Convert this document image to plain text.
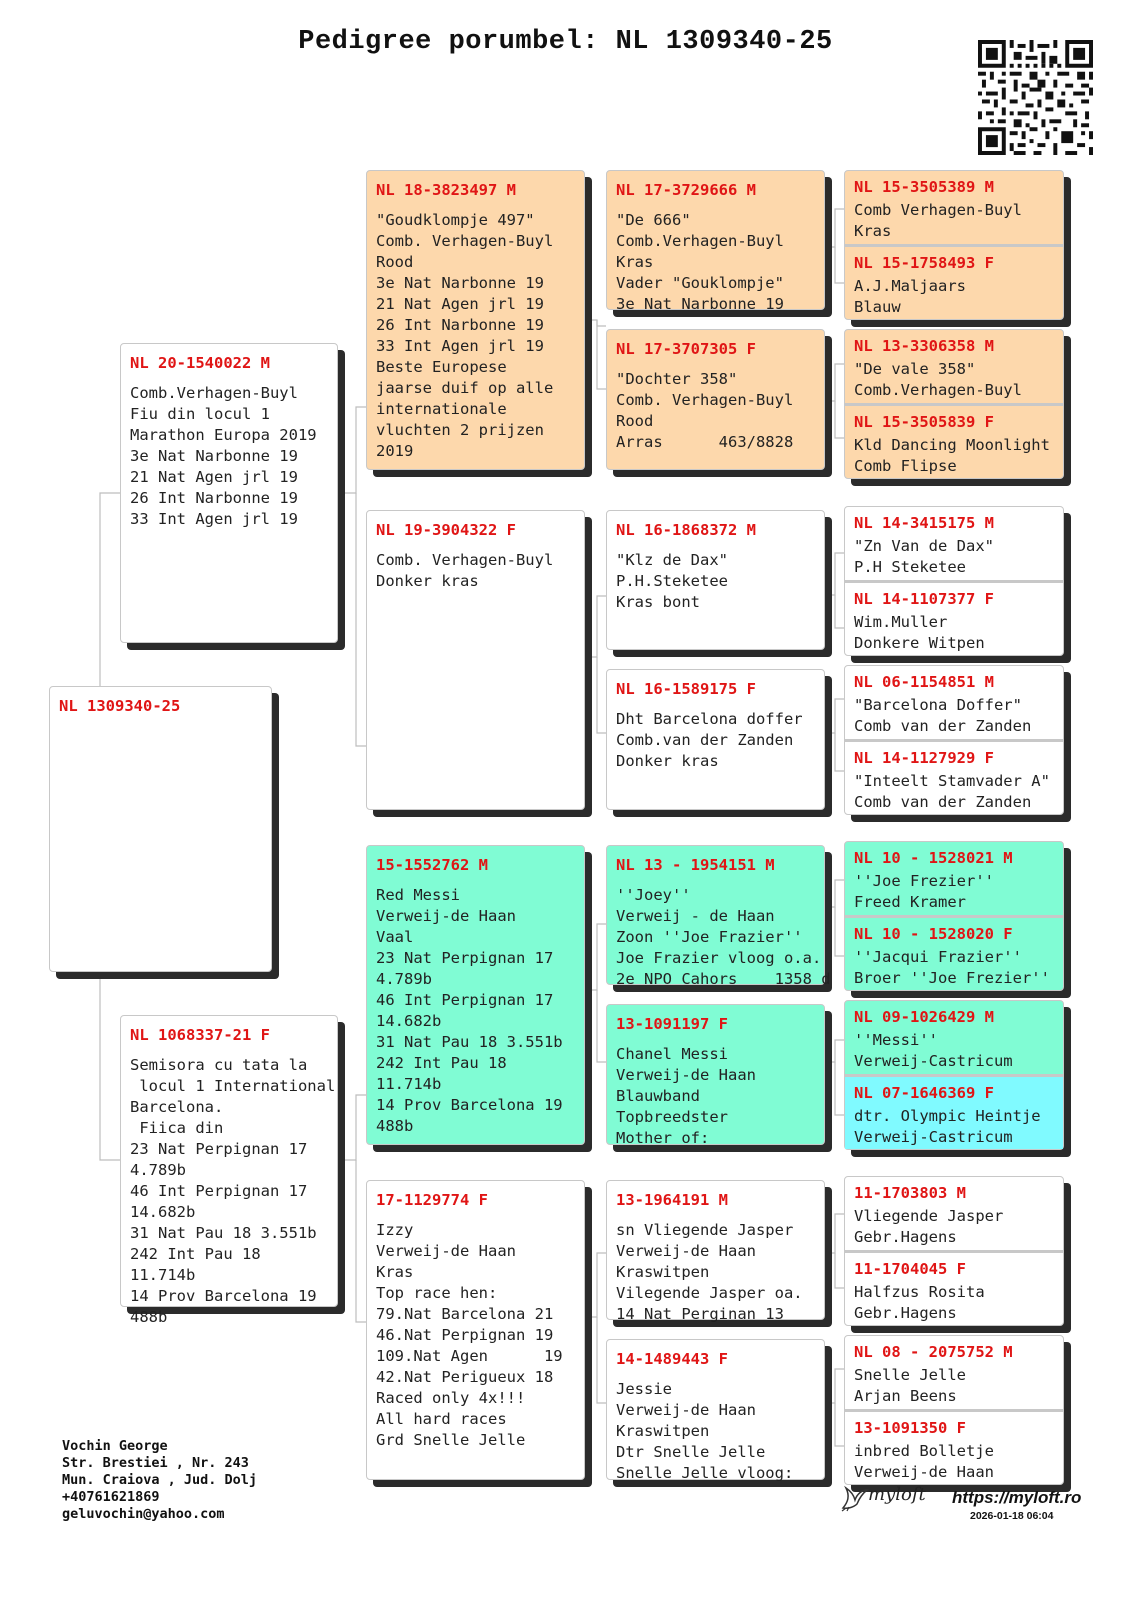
Pedigree porumbel: NL 1309340-25
NL 1309340-25
NL 20-1540022 M
Comb.Verhagen-Buyl
Fiu din locul 1
Marathon Europa 2019
3e Nat Narbonne 19
21 Nat Agen jrl 19
26 Int Narbonne 19
33 Int Agen jrl 19
NL 1068337-21 F
Semisora cu tata la
locul 1 International
Barcelona.
Fiica din
23 Nat Perpignan 17
4.789b
46 Int Perpignan 17
14.682b
31 Nat Pau 18 3.551b
242 Int Pau 18
11.714b
14 Prov Barcelona 19
488b
NL 18-3823497 M
"Goudklompje 497"
Comb. Verhagen-Buyl
Rood
3e Nat Narbonne 19
21 Nat Agen jrl 19
26 Int Narbonne 19
33 Int Agen jrl 19
Beste Europese
jaarse duif op alle
internationale
vluchten 2 prijzen
2019
NL 19-3904322 F
Comb. Verhagen-Buyl
Donker kras
15-1552762 M
Red Messi
Verweij-de Haan
Vaal
23 Nat Perpignan 17
4.789b
46 Int Perpignan 17
14.682b
31 Nat Pau 18 3.551b
242 Int Pau 18
11.714b
14 Prov Barcelona 19
488b
17-1129774 F
Izzy
Verweij-de Haan
Kras
Top race hen:
79.Nat Barcelona 21
46.Nat Perpignan 19
109.Nat Agen      19
42.Nat Perigueux 18
Raced only 4x!!!
All hard races
Grd Snelle Jelle
NL 17-3729666 M
"De 666"
Comb.Verhagen-Buyl
Kras
Vader "Gouklompje"
3e Nat Narbonne 19
NL 17-3707305 F
"Dochter 358"
Comb. Verhagen-Buyl
Rood
Arras      463/8828
NL 16-1868372 M
"Klz de Dax"
P.H.Steketee
Kras bont
NL 16-1589175 F
Dht Barcelona doffer
Comb.van der Zanden
Donker kras
NL 13 - 1954151 M
''Joey''
Verweij - de Haan
Zoon ''Joe Frazier''
Joe Frazier vloog o.a.
2e NPO Cahors    1358 d
13-1091197 F
Chanel Messi
Verweij-de Haan
Blauwband
Topbreedster
Mother of:
13-1964191 M
sn Vliegende Jasper
Verweij-de Haan
Kraswitpen
Vilegende Jasper oa.
14 Nat Perginan 13
14-1489443 F
Jessie
Verweij-de Haan
Kraswitpen
Dtr Snelle Jelle
Snelle Jelle vloog:
NL 15-3505389 M
Comb Verhagen-Buyl
Kras
NL 15-1758493 F
A.J.Maljaars
Blauw
NL 13-3306358 M
"De vale 358"
Comb.Verhagen-Buyl
NL 15-3505839 F
Kld Dancing Moonlight
Comb Flipse
NL 14-3415175 M
"Zn Van de Dax"
P.H Steketee
NL 14-1107377 F
Wim.Muller
Donkere Witpen
NL 06-1154851 M
"Barcelona Doffer"
Comb van der Zanden
NL 14-1127929 F
"Inteelt Stamvader A"
Comb van der Zanden
NL 10 - 1528021 M
''Joe Frezier''
Freed Kramer
NL 10 - 1528020 F
''Jacqui Frazier''
Broer ''Joe Frezier''
NL 09-1026429 M
''Messi''
Verweij-Castricum
NL 07-1646369 F
dtr. Olympic Heintje
Verweij-Castricum
11-1703803 M
Vliegende Jasper
Gebr.Hagens
11-1704045 F
Halfzus Rosita
Gebr.Hagens
NL 08 - 2075752 M
Snelle Jelle
Arjan Beens
13-1091350 F
inbred Bolletje
Verweij-de Haan
Vochin George
Str. Brestiei , Nr. 243
Mun. Craiova , Jud. Dolj
+40761621869
geluvochin@yahoo.com
myloft https://myloft.ro
2026-01-18 06:04
